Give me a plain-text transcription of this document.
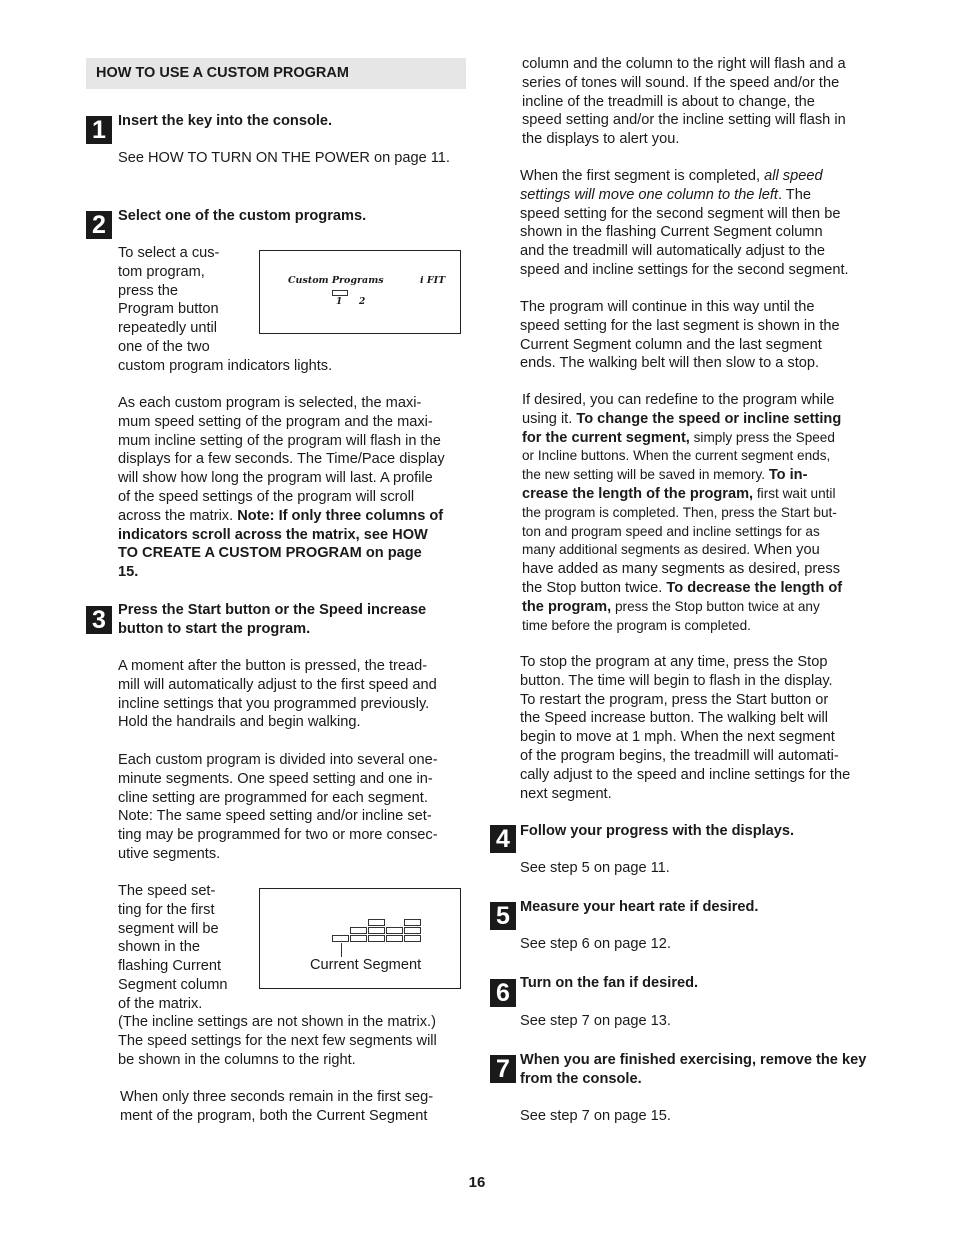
HOW TO USE A CUSTOM PROGRAM
1 Insert the key into the console.
See HOW TO TURN ON THE POWER on page 11.
2 Select one of the custom programs.
To select a cus-
tom program,
press the
Program button
repeatedly until
one of the two
custom program indicators lights.
Custom Programs	i FIT
1 2
As each custom program is selected, the maxi-
mum speed setting of the program and the maxi-
mum incline setting of the program will flash in the
displays for a few seconds. The Time/Pace display
will show how long the program will last. A profile
of the speed settings of the program will scroll
across the matrix. Note: If only three columns of
indicators scroll across the matrix, see HOW
TO CREATE A CUSTOM PROGRAM on page
15.
3 Press the Start button or the Speed increase button to start the program.
A moment after the button is pressed, the tread-
mill will automatically adjust to the first speed and
incline settings that you programmed previously.
Hold the handrails and begin walking.
Each custom program is divided into several one-
minute segments. One speed setting and one in-
cline setting are programmed for each segment.
Note: The same speed setting and/or incline set-
ting may be programmed for two or more consec-
utive segments.
The speed set-
ting for the first
segment will be
shown in the
flashing Current
Segment column
of the matrix.
Current Segment
(The incline settings are not shown in the matrix.)
The speed settings for the next few segments will
be shown in the columns to the right.
When only three seconds remain in the first seg-
ment of the program, both the Current Segment
column and the column to the right will flash and a
series of tones will sound. If the speed and/or the
incline of the treadmill is about to change, the
speed setting and/or the incline setting will flash in
the displays to alert you.
When the first segment is completed, all speed
settings will move one column to the left. The
speed setting for the second segment will then be
shown in the flashing Current Segment column
and the treadmill will automatically adjust to the
speed and incline settings for the second segment.
The program will continue in this way until the
speed setting for the last segment is shown in the
Current Segment column and the last segment
ends. The walking belt will then slow to a stop.
If desired, you can redefine to the program while
using it. To change the speed or incline setting
for the current segment, simply press the Speed
or Incline buttons. When the current segment ends,
the new setting will be saved in memory. To in-
crease the length of the program, first wait until
the program is completed. Then, press the Start but-
ton and program speed and incline settings for as
many additional segments as desired. When you
have added as many segments as desired, press
the Stop button twice. To decrease the length of
the program, press the Stop button twice at any
time before the program is completed.
To stop the program at any time, press the Stop
button. The time will begin to flash in the display.
To restart the program, press the Start button or
the Speed increase button. The walking belt will
begin to move at 1 mph. When the next segment
of the program begins, the treadmill will automati-
cally adjust to the speed and incline settings for the
next segment.
4 Follow your progress with the displays.
See step 5 on page 11.
5 Measure your heart rate if desired.
See step 6 on page 12.
6 Turn on the fan if desired.
See step 7 on page 13.
7 When you are finished exercising, remove the key from the console.
See step 7 on page 15.
16
